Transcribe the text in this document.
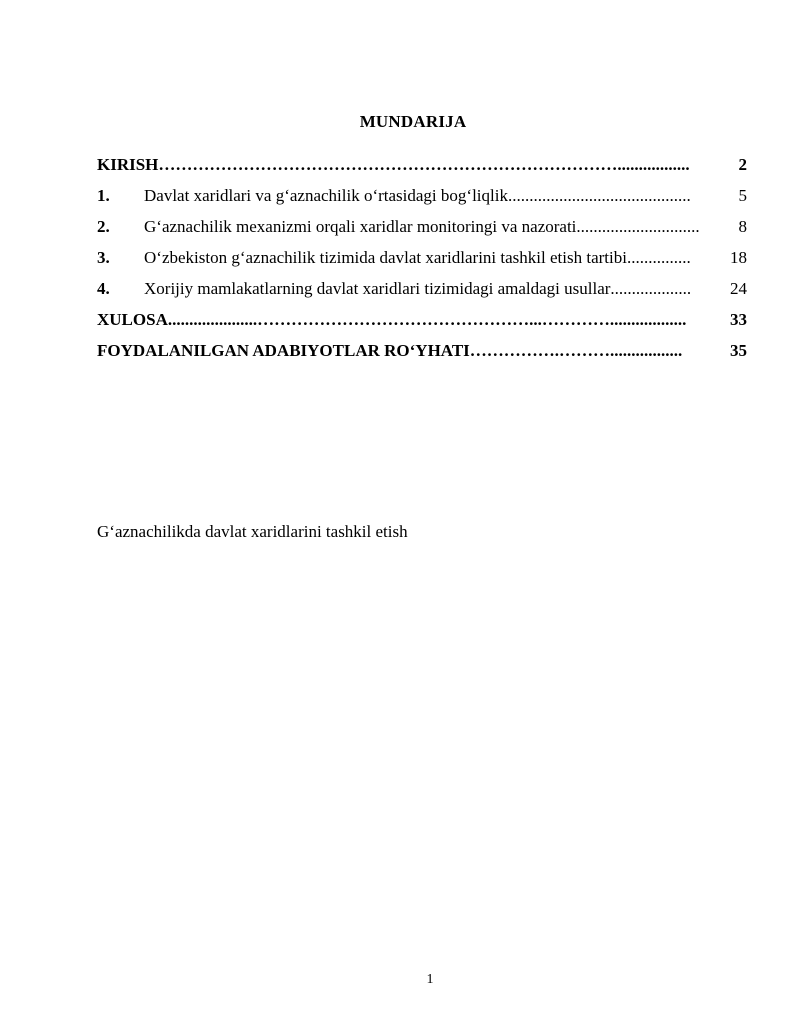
MUNDARIJA
KIRISH ……………………………………………………………………….................	2
1.	Davlat xaridlari va g‘aznachilik o‘rtasidagi bog‘liqlik ...........................................	5
2.	G‘aznachilik mexanizmi orqali xaridlar monitoringi va nazorati .............................	8
3.	O‘zbekiston g‘aznachilik tizimida davlat xaridlarini tashkil etish tartibi ...............	18
4.	Xorijiy mamlakatlarning davlat xaridlari tizimidagi amaldagi usullar ...................	24
XULOSA .....................…………………………………………...…………..................	33
FOYDALANILGAN ADABIYOTLAR RO‘YHATI …………….……….................	35
G‘aznachilikda davlat xaridlarini tashkil etish
1
